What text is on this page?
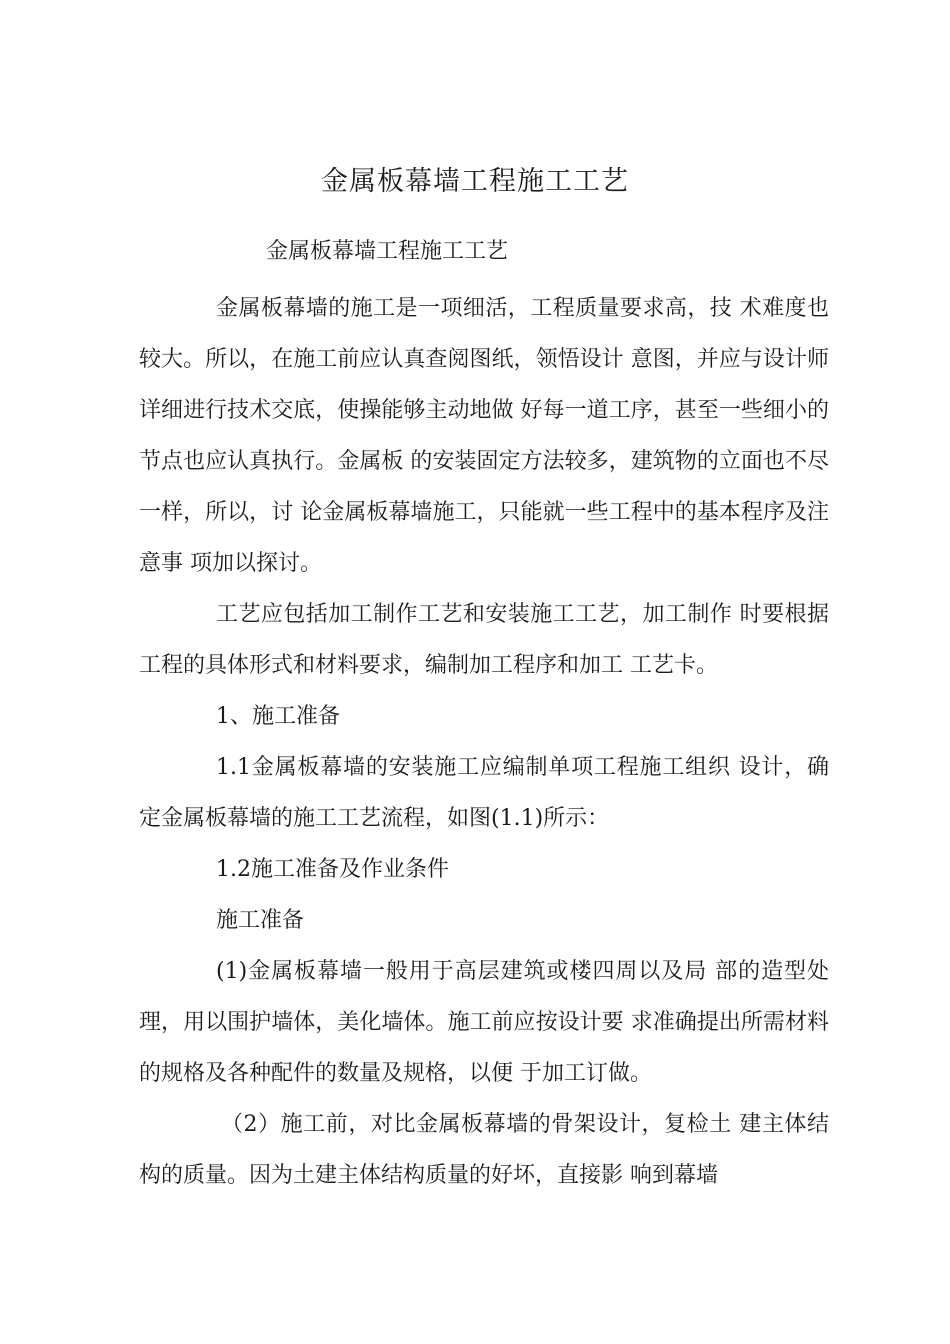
金属板幕墙工程施工工艺
金属板幕墙工程施工工艺

金属板幕墙的施工是一项细活，工程质量要求高，技 术难度也较大。所以，在施工前应认真查阅图纸，领悟设计 意图，并应与设计师详细进行技术交底，使操能够主动地做 好每一道工序，甚至一些细小的节点也应认真执行。金属板 的安装固定方法较多，建筑物的立面也不尽一样，所以，讨 论金属板幕墙施工，只能就一些工程中的基本程序及注意事 项加以探讨。

工艺应包括加工制作工艺和安装施工工艺，加工制作 时要根据工程的具体形式和材料要求，编制加工程序和加工 工艺卡。

1、施工准备

1.1金属板幕墙的安装施工应编制单项工程施工组织 设计，确定金属板幕墙的施工工艺流程，如图(1.1)所示：

1.2施工准备及作业条件

施工准备

(1)金属板幕墙一般用于高层建筑或楼四周以及局 部的造型处理，用以围护墙体，美化墙体。施工前应按设计要 求准确提出所需材料的规格及各种配件的数量及规格，以便 于加工订做。

（2）施工前，对比金属板幕墙的骨架设计，复检土 建主体结构的质量。因为土建主体结构质量的好坏，直接影 响到幕墙
